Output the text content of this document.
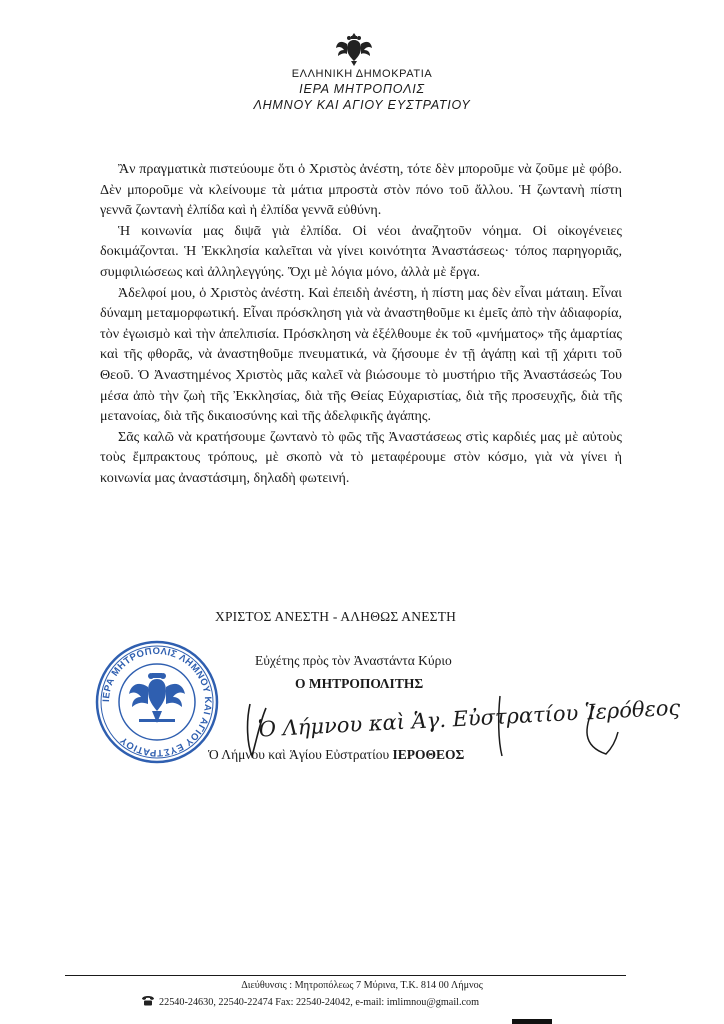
ΕΛΛΗΝΙΚΗ ΔΗΜΟΚΡΑΤΙΑ
ΙΕΡΑ ΜΗΤΡΟΠΟΛΙΣ
ΛΗΜΝΟΥ ΚΑΙ ΑΓΙΟΥ ΕΥΣΤΡΑΤΙΟΥ

Ἂν πραγματικὰ πιστεύουμε ὅτι ὁ Χριστὸς ἀνέστη, τότε δὲν μποροῦμε νὰ ζοῦμε μὲ φόβο. Δὲν μποροῦμε νὰ κλείνουμε τὰ μάτια μπροστὰ στὸν πόνο τοῦ ἄλλου. Ἡ ζωντανὴ πίστη γεννᾶ ζωντανὴ ἐλπίδα καὶ ἡ ἐλπίδα γεννᾶ εὐθύνη.

Ἡ κοινωνία μας διψᾶ γιὰ ἐλπίδα. Οἱ νέοι ἀναζητοῦν νόημα. Οἱ οἰκογένειες δοκιμάζονται. Ἡ Ἐκκλησία καλεῖται νὰ γίνει κοινότητα Ἀναστάσεως· τόπος παρηγοριᾶς, συμφιλιώσεως καὶ ἀλληλεγγύης. Ὄχι μὲ λόγια μόνο, ἀλλὰ μὲ ἔργα.

Ἀδελφοί μου, ὁ Χριστὸς ἀνέστη. Καὶ ἐπειδὴ ἀνέστη, ἡ πίστη μας δὲν εἶναι μάταιη. Εἶναι δύναμη μεταμορφωτική. Εἶναι πρόσκληση γιὰ νὰ ἀναστηθοῦμε κι ἐμεῖς ἀπὸ τὴν ἀδιαφορία, τὸν ἐγωισμὸ καὶ τὴν ἀπελπισία. Πρόσκληση νὰ ἐξέλθουμε ἐκ τοῦ «μνήματος» τῆς ἁμαρτίας καὶ τῆς φθορᾶς, νὰ ἀναστηθοῦμε πνευματικά, νὰ ζήσουμε ἐν τῇ ἀγάπῃ καὶ τῇ χάριτι τοῦ Θεοῦ. Ὁ Ἀναστημένος Χριστὸς μᾶς καλεῖ νὰ βιώσουμε τὸ μυστήριο τῆς Ἀναστάσεώς Του μέσα ἀπὸ τὴν ζωὴ τῆς Ἐκκλησίας, διὰ τῆς Θείας Εὐχαριστίας, διὰ τῆς προσευχῆς, διὰ τῆς μετανοίας, διὰ τῆς δικαιοσύνης καὶ τῆς ἀδελφικῆς ἀγάπης.

Σᾶς καλῶ νὰ κρατήσουμε ζωντανὸ τὸ φῶς τῆς Ἀναστάσεως στὶς καρδιές μας μὲ αὐτοὺς τοὺς ἔμπρακτους τρόπους, μὲ σκοπὸ νὰ τὸ μεταφέρουμε στὸν κόσμο, γιὰ νὰ γίνει ἡ κοινωνία μας ἀναστάσιμη, δηλαδὴ φωτεινή.

ΧΡΙΣΤΟΣ ΑΝΕΣΤΗ - ΑΛΗΘΩΣ ΑΝΕΣΤΗ
ΙΕΡΑ ΜΗΤΡΟΠΟΛΙΣ ΛΗΜΝΟΥ ΚΑΙ ΑΓΙΟΥ ΕΥΣΤΡΑΤΙΟΥ
Εὐχέτης πρὸς τὸν Ἀναστάντα Κύριο
Ο ΜΗΤΡΟΠΟΛΙΤΗΣ
Ὁ Λήμνου καὶ Ἁγ. Εὐστρατίου Ἱερόθεος
Ὁ Λήμνου καὶ Ἁγίου Εὐστρατίου ΙΕΡΟΘΕΟΣ
Διεύθυνσις : Μητροπόλεως 7 Μύρινα, Τ.Κ. 814 00 Λήμνος
22540-24630, 22540-22474 Fax: 22540-24042, e-mail: imlimnou@gmail.com
